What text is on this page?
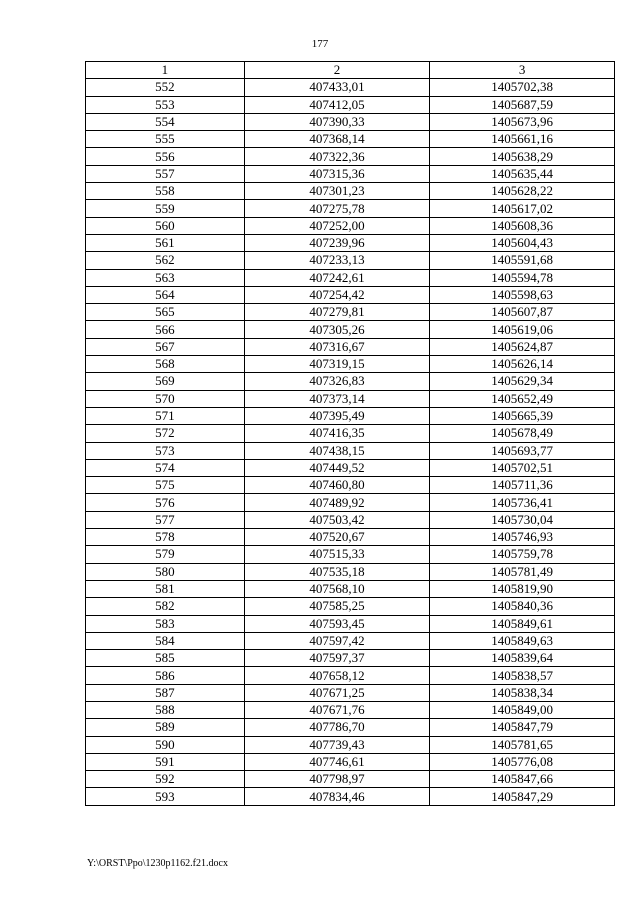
177
1	2	3
552	407433,01	1405702,38
553	407412,05	1405687,59
554	407390,33	1405673,96
555	407368,14	1405661,16
556	407322,36	1405638,29
557	407315,36	1405635,44
558	407301,23	1405628,22
559	407275,78	1405617,02
560	407252,00	1405608,36
561	407239,96	1405604,43
562	407233,13	1405591,68
563	407242,61	1405594,78
564	407254,42	1405598,63
565	407279,81	1405607,87
566	407305,26	1405619,06
567	407316,67	1405624,87
568	407319,15	1405626,14
569	407326,83	1405629,34
570	407373,14	1405652,49
571	407395,49	1405665,39
572	407416,35	1405678,49
573	407438,15	1405693,77
574	407449,52	1405702,51
575	407460,80	1405711,36
576	407489,92	1405736,41
577	407503,42	1405730,04
578	407520,67	1405746,93
579	407515,33	1405759,78
580	407535,18	1405781,49
581	407568,10	1405819,90
582	407585,25	1405840,36
583	407593,45	1405849,61
584	407597,42	1405849,63
585	407597,37	1405839,64
586	407658,12	1405838,57
587	407671,25	1405838,34
588	407671,76	1405849,00
589	407786,70	1405847,79
590	407739,43	1405781,65
591	407746,61	1405776,08
592	407798,97	1405847,66
593	407834,46	1405847,29
Y:\ORST\Ppo\1230p1162.f21.docx
